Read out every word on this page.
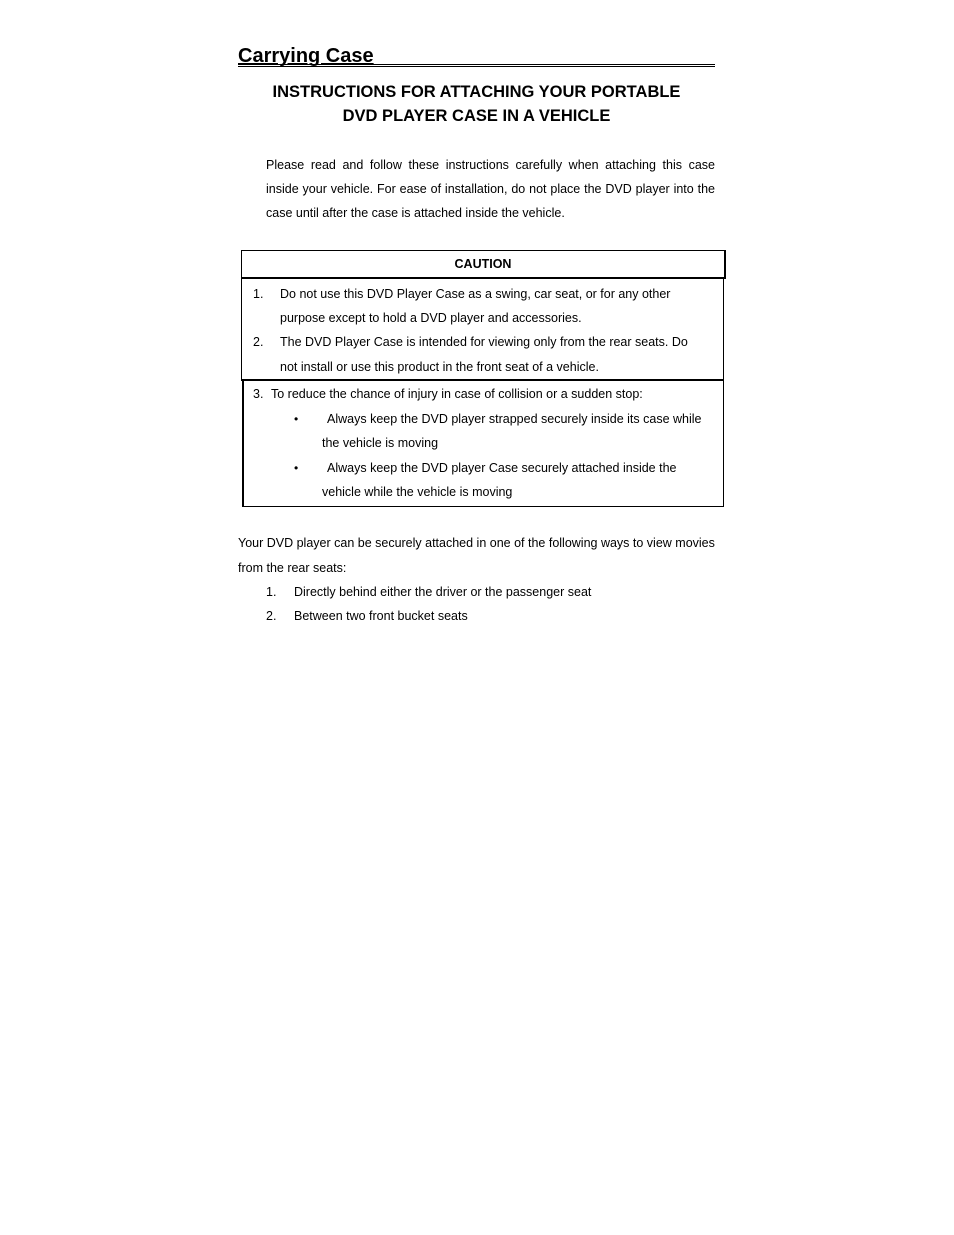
Carrying Case
INSTRUCTIONS FOR ATTACHING YOUR PORTABLE
DVD PLAYER CASE IN A VEHICLE
Please read and follow these instructions carefully when attaching this case inside your vehicle. For ease of installation, do not place the DVD player into the case until after the case is attached inside the vehicle.
CAUTION
1. Do not use this DVD Player Case as a swing, car seat, or for any other
purpose except to hold a DVD player and accessories.
2. The DVD Player Case is intended for viewing only from the rear seats. Do
not install or use this product in the front seat of a vehicle.
3. To reduce the chance of injury in case of collision or a sudden stop:
• Always keep the DVD player strapped securely inside its case while
the vehicle is moving
• Always keep the DVD player Case securely attached inside the
vehicle while the vehicle is moving
Your DVD player can be securely attached in one of the following ways to view movies
from the rear seats:
1. Directly behind either the driver or the passenger seat
2. Between two front bucket seats
